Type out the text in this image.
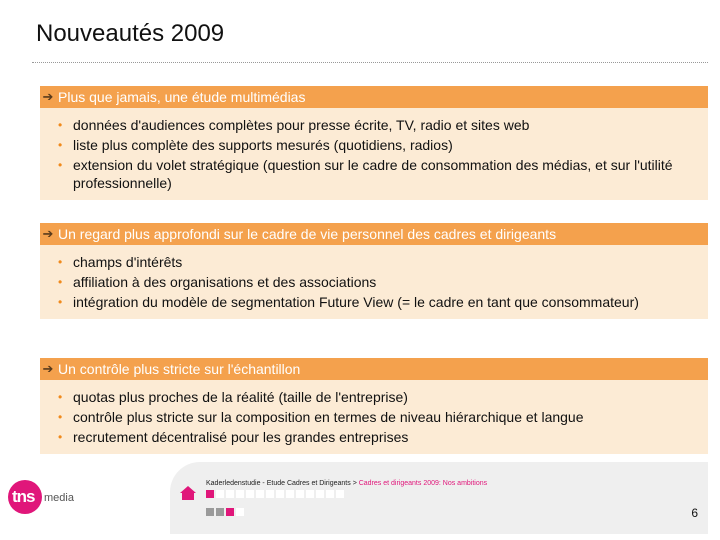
Nouveautés 2009
➔ Plus que jamais, une étude multimédias
• données d'audiences complètes pour presse écrite, TV, radio et sites web
• liste plus complète des supports mesurés (quotidiens, radios)
• extension du volet stratégique (question sur le cadre de consommation des médias, et sur l'utilité professionnelle)
➔ Un regard plus approfondi sur le cadre de vie personnel des cadres et dirigeants
• champs d'intérêts
• affiliation à des organisations et des associations
• intégration du modèle de segmentation Future View (= le cadre en tant que consommateur)
➔ Un contrôle plus stricte sur l'échantillon
• quotas plus proches de la réalité (taille de l'entreprise)
• contrôle plus stricte sur la composition en termes de niveau hiérarchique et langue
• recrutement décentralisé pour les grandes entreprises
tns media
Kaderledenstudie - Etude Cadres et Dirigeants > Cadres et dirigeants 2009: Nos ambitions
6
